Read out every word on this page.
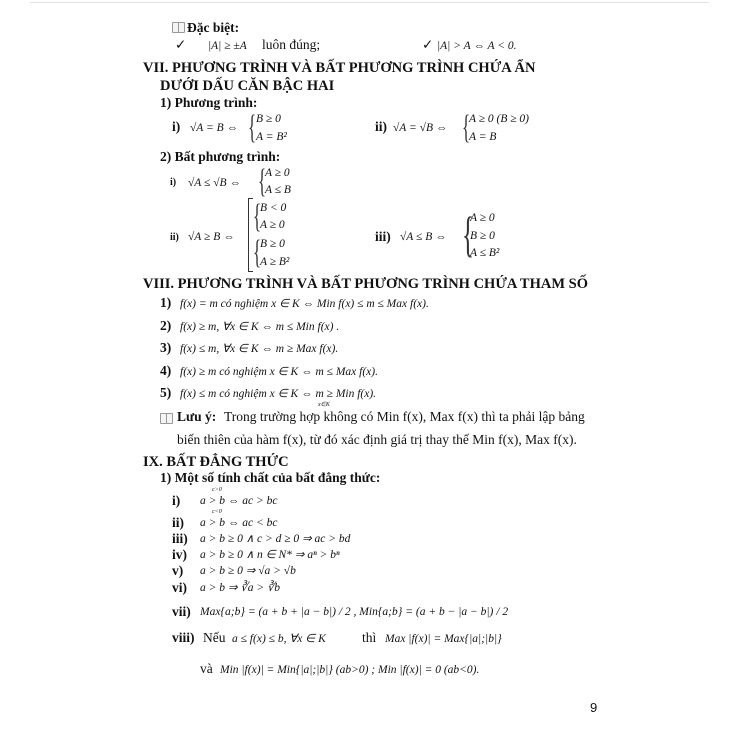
Đặc biệt:
✓ |A| ≥ ±A luôn đúng;	✓ |A| > A ⇔ A < 0.
VII. PHƯƠNG TRÌNH VÀ BẤT PHƯƠNG TRÌNH CHỨA ẨN
DƯỚI DẤU CĂN BẬC HAI
1) Phương trình:
i) √A = B ⇔ { B ≥ 0
A = B²
ii) √A = √B ⇔ {
A ≥ 0 (B ≥ 0)
A = B
2) Bất phương trình:
i) √A ≤ √B ⇔ {
A ≥ 0
A ≤ B
ii) √A ≥ B ⇔
{
B < 0
A ≥ 0
{
B ≥ 0
A ≥ B²
iii) √A ≤ B ⇔ {
A ≥ 0
B ≥ 0
A ≤ B²
VIII. PHƯƠNG TRÌNH VÀ BẤT PHƯƠNG TRÌNH CHỨA THAM SỐ
1) f(x) = m có nghiệm x ∈ K ⇔ Min f(x) ≤ m ≤ Max f(x).
2) f(x) ≥ m, ∀x ∈ K ⇔ m ≤ Min f(x) .
3) f(x) ≤ m, ∀x ∈ K ⇔ m ≥ Max f(x).
4) f(x) ≥ m có nghiệm x ∈ K ⇔ m ≤ Max f(x).
5) f(x) ≤ m có nghiệm x ∈ K ⇔ m ≥ Min f(x).
x∈K
Lưu ý: Trong trường hợp không có Min f(x), Max f(x) thì ta phải lập bảng
biến thiên của hàm f(x), từ đó xác định giá trị thay thế Min f(x), Max f(x).
IX. BẤT ĐẲNG THỨC
1) Một số tính chất của bất đẳng thức:
i)
c>0
a > b ⇔ ac > bc
ii)
c<0
a > b ⇔ ac < bc
iii) a > b ≥ 0 ∧ c > d ≥ 0 ⇒ ac > bd
iv) a > b ≥ 0 ∧ n ∈ N* ⇒ aⁿ > bⁿ
v) a > b ≥ 0 ⇒ √a > √b
vi) a > b ⇒ ∛a > ∛b
vii) Max{a;b} = (a + b + |a − b|) / 2 , Min{a;b} = (a + b − |a − b|) / 2
viii) Nếu a ≤ f(x) ≤ b, ∀x ∈ K	thì Max |f(x)| = Max{|a|;|b|}
và Min |f(x)| = Min{|a|;|b|} (ab>0) ; Min |f(x)| = 0 (ab<0).
9
